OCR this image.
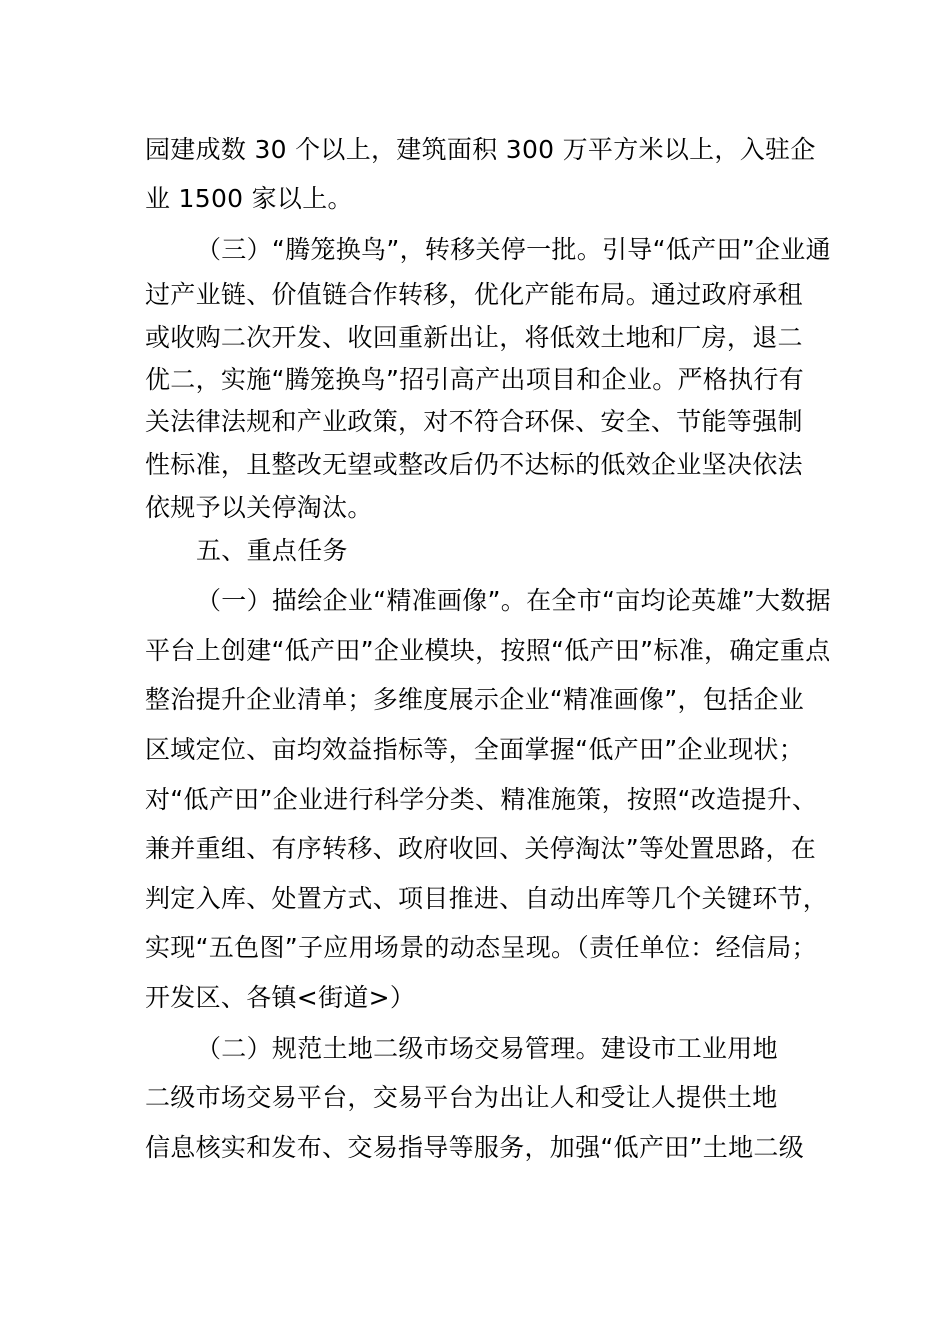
园建成数 30 个以上，建筑面积 300 万平方米以上，入驻企
业 1500 家以上。
（三）“腾笼换鸟”，转移关停一批。引导“低产田”企业通
过产业链、价值链合作转移，优化产能布局。通过政府承租
或收购二次开发、收回重新出让，将低效土地和厂房，退二
优二，实施“腾笼换鸟”招引高产出项目和企业。严格执行有
关法律法规和产业政策，对不符合环保、安全、节能等强制
性标准，且整改无望或整改后仍不达标的低效企业坚决依法
依规予以关停淘汰。
五、重点任务
（一）描绘企业“精准画像”。在全市“亩均论英雄”大数据
平台上创建“低产田”企业模块，按照“低产田”标准，确定重点
整治提升企业清单；多维度展示企业“精准画像”，包括企业
区域定位、亩均效益指标等，全面掌握“低产田”企业现状；
对“低产田”企业进行科学分类、精准施策，按照“改造提升、
兼并重组、有序转移、政府收回、关停淘汰”等处置思路，在
判定入库、处置方式、项目推进、自动出库等几个关键环节，
实现“五色图”子应用场景的动态呈现。（责任单位：经信局；
开发区、各镇<街道>）
（二）规范土地二级市场交易管理。建设市工业用地
二级市场交易平台，交易平台为出让人和受让人提供土地
信息核实和发布、交易指导等服务，加强“低产田”土地二级
